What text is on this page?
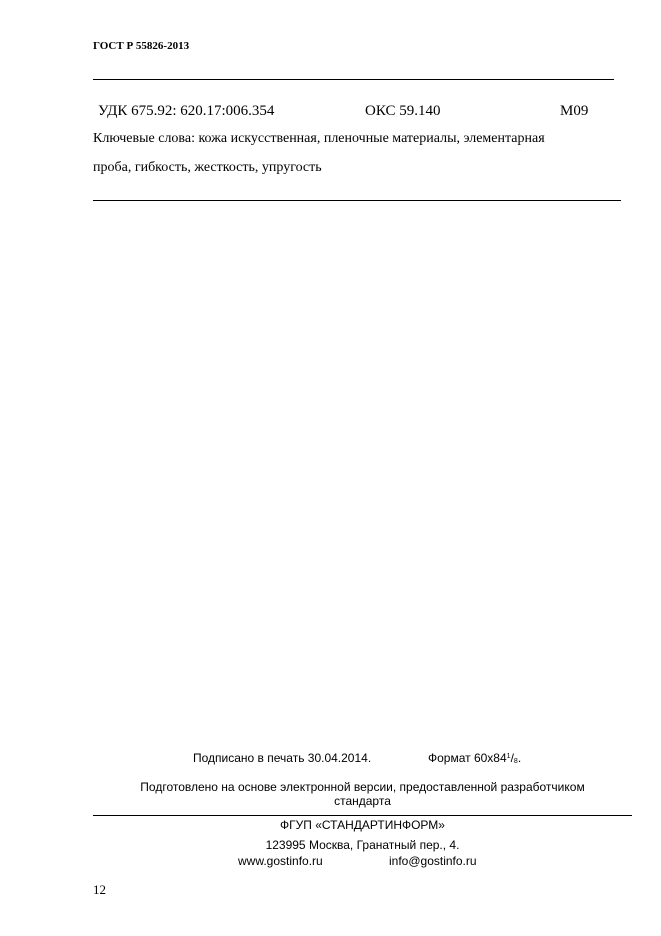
ГОСТ Р 55826-2013
УДК 675.92: 620.17:006.354	ОКС 59.140	М09
Ключевые слова: кожа искусственная, пленочные материалы, элементарная
проба, гибкость, жесткость, упругость
Подписано в печать 30.04.2014.	Формат $60x84^1/_8$.
Подготовлено на основе электронной версии, предоставленной разработчиком
стандарта
ФГУП «СТАНДАРТИНФОРМ»
123995 Москва, Гранатный пер., 4.
www.gostinfo.ru	info@gostinfo.ru
12
